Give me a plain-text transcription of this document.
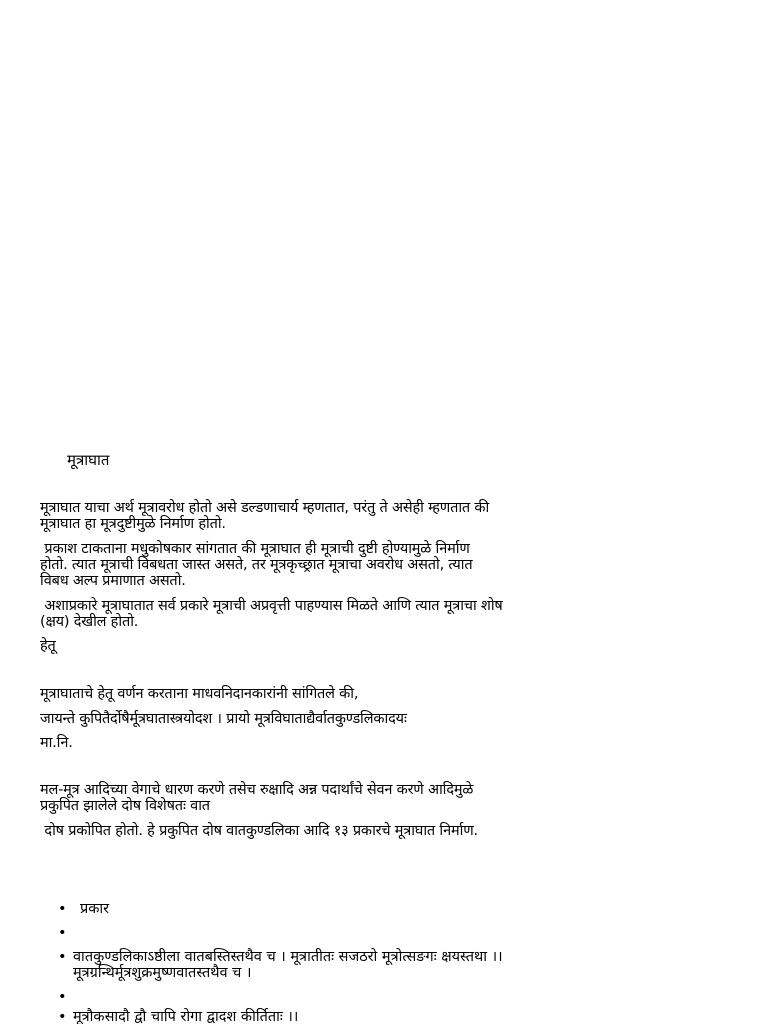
मूत्राघात
मूत्राघात याचा अर्थ मूत्रावरोध होतो असे डल्डणाचार्य म्हणतात, परंतु ते असेही म्हणतात की
मूत्राघात हा मूत्रदुष्टीमुळे निर्माण होतो.
प्रकाश टाकताना मधुकोषकार सांगतात की मूत्राघात ही मूत्राची दुष्टी होण्यामुळे निर्माण
होतो. त्यात मूत्राची विबधता जास्त असते, तर मूत्रकृच्छ्रात मूत्राचा अवरोध असतो, त्यात
विबध अल्प प्रमाणात असतो.
अशाप्रकारे मूत्राघातात सर्व प्रकारे मूत्राची अप्रवृत्ती पाहण्यास मिळते आणि त्यात मूत्राचा शोष
(क्षय) देखील होतो.
हेतू
मूत्राघाताचे हेतू वर्णन करताना माधवनिदानकारांनी सांगितले की,
जायन्ते कुपितैर्दोषैर्मूत्रघातास्त्रयोदश । प्रायो मूत्रविघाताद्यैर्वातकुण्डलिकादयः
मा.नि.
मल-मूत्र आदिच्या वेगाचे धारण करणे तसेच रुक्षादि अन्न पदार्थांचे सेवन करणे आदिमुळे
प्रकुपित झालेले दोष विशेषतः वात
दोष प्रकोपित होतो. हे प्रकुपित दोष वातकुण्डलिका आदि १३ प्रकारचे मूत्राघात निर्माण.
• प्रकार
•
• वातकुण्डलिकाऽष्ठीला वातबस्तिस्तथैव च । मूत्रातीतः सजठरो मूत्रोत्सङगः क्षयस्तथा ।।
मूत्रग्रन्थिर्मूत्रशुक्रमुष्णवातस्तथैव च ।
•
• मूत्रौकसादौ द्वौ चापि रोगा द्वादश कीर्तिताः ।।
